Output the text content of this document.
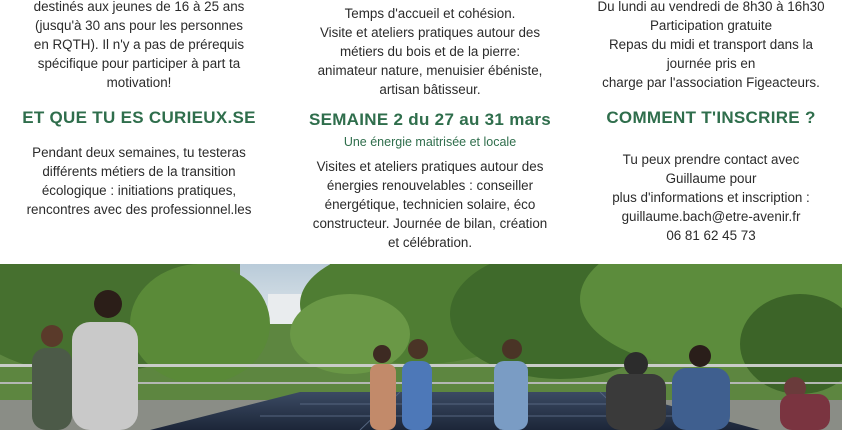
destinés aux jeunes de 16 à 25 ans
(jusqu'à 30 ans pour les personnes
en RQTH). Il n'y a pas de prérequis
spécifique pour participer à part ta
motivation!
ET QUE TU ES CURIEUX.SE
Pendant deux semaines, tu testeras
différents métiers de la transition
écologique : initiations pratiques,
rencontres avec des professionnel.les
Temps d'accueil et cohésion.
Visite et ateliers pratiques autour des
métiers du bois et de la pierre:
animateur nature, menuisier ébéniste,
artisan bâtisseur.
SEMAINE 2 du 27 au 31 mars
Une énergie maitrisée et locale
Visites et ateliers pratiques autour des
énergies renouvelables : conseiller
énergétique, technicien solaire, éco
constructeur. Journée de bilan, création
et célébration.
Du lundi au vendredi de 8h30 à 16h30
Participation gratuite
Repas du midi et transport dans la
journée pris en
charge par l'association Figeacteurs.
COMMENT T'INSCRIRE ?
Tu peux prendre contact avec
Guillaume pour
plus d'informations et inscription :
guillaume.bach@etre-avenir.fr
06 81 62 45 73
